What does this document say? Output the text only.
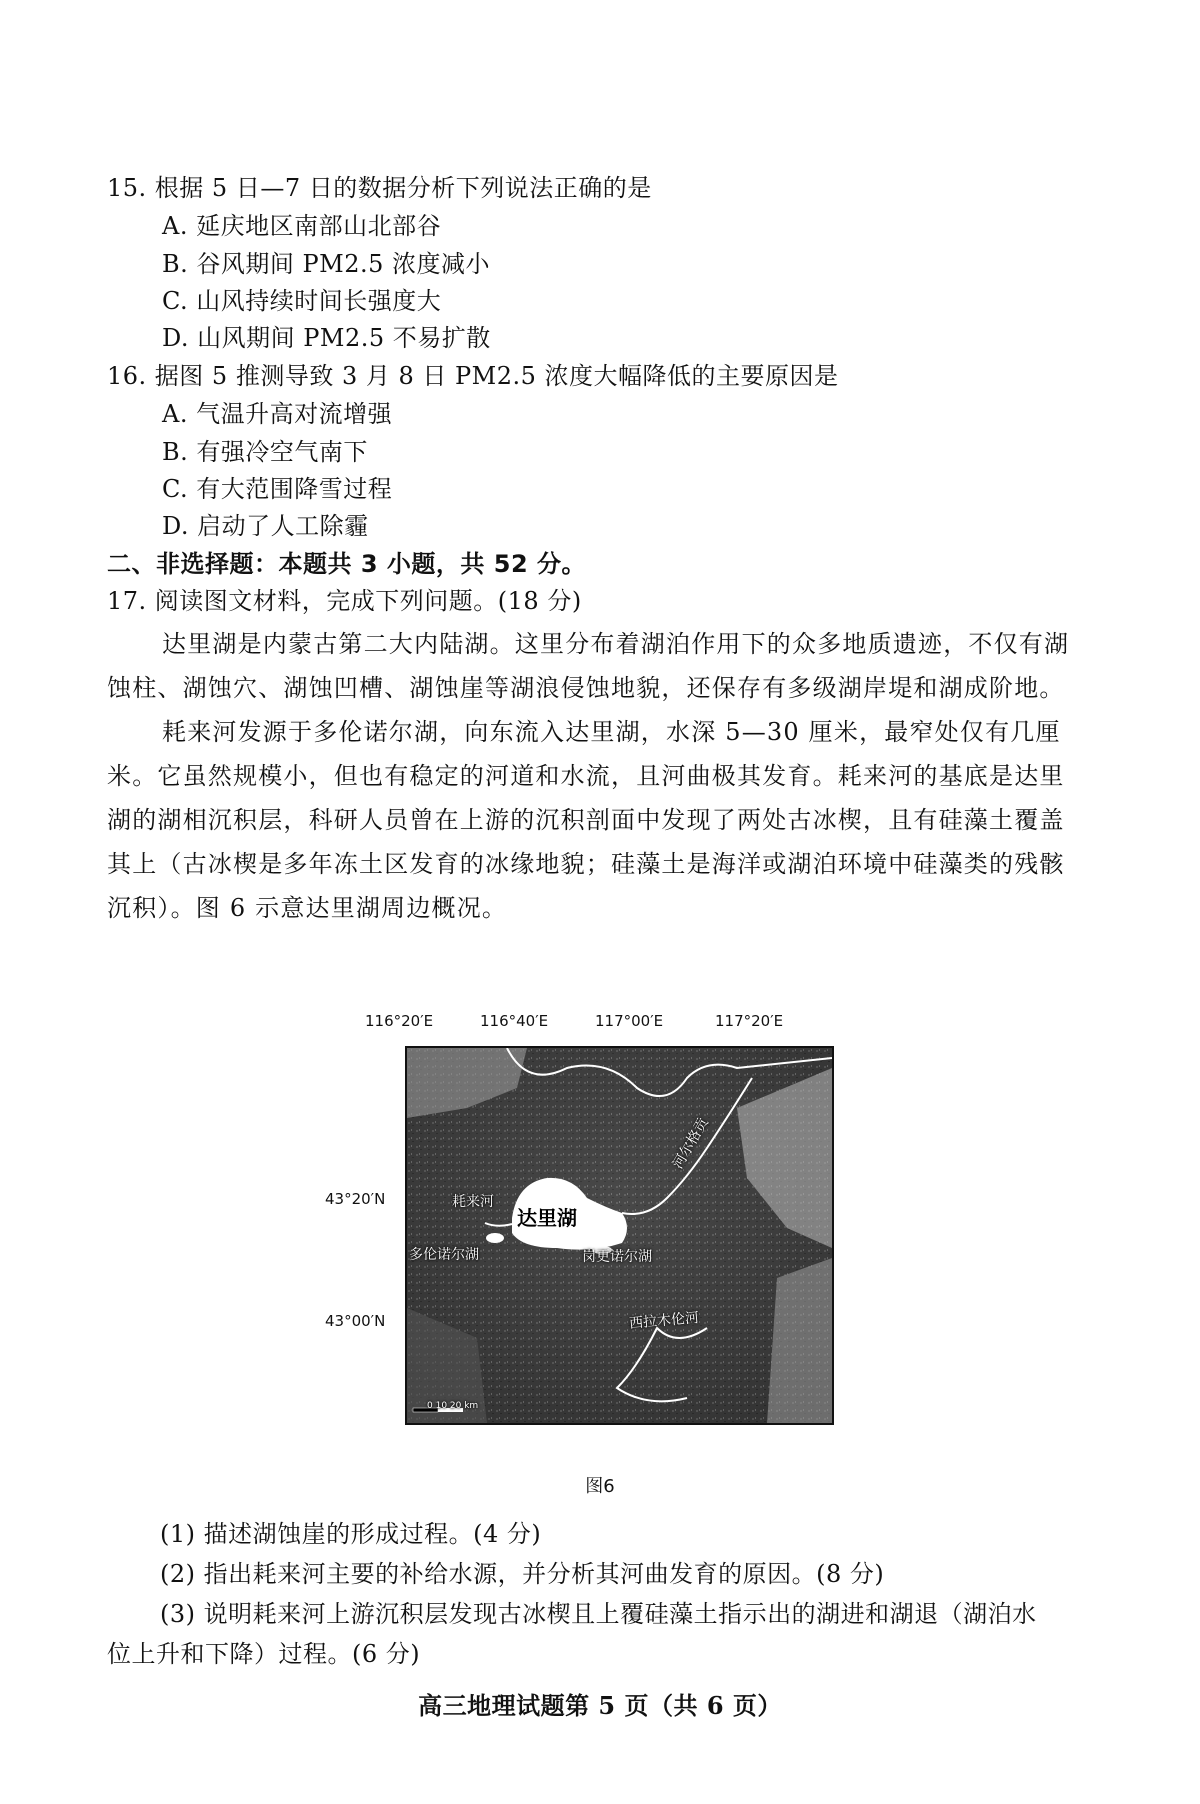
15. 根据 5 日—7 日的数据分析下列说法正确的是
A. 延庆地区南部山北部谷
B. 谷风期间 PM2.5 浓度减小
C. 山风持续时间长强度大
D. 山风期间 PM2.5 不易扩散
16. 据图 5 推测导致 3 月 8 日 PM2.5 浓度大幅降低的主要原因是
A. 气温升高对流增强
B. 有强冷空气南下
C. 有大范围降雪过程
D. 启动了人工除霾
二、非选择题：本题共 3 小题，共 52 分。
17. 阅读图文材料，完成下列问题。(18 分)
达里湖是内蒙古第二大内陆湖。这里分布着湖泊作用下的众多地质遗迹，不仅有湖蚀柱、湖蚀穴、湖蚀凹槽、湖蚀崖等湖浪侵蚀地貌，还保存有多级湖岸堤和湖成阶地。
耗来河发源于多伦诺尔湖，向东流入达里湖，水深 5—30 厘米，最窄处仅有几厘米。它虽然规模小，但也有稳定的河道和水流，且河曲极其发育。耗来河的基底是达里湖的湖相沉积层，科研人员曾在上游的沉积剖面中发现了两处古冰楔，且有硅藻土覆盖其上（古冰楔是多年冻土区发育的冰缘地貌；硅藻土是海洋或湖泊环境中硅藻类的残骸沉积）。图 6 示意达里湖周边概况。
116°20′E	116°40′E	117°00′E	117°20′E
43°20′N
43°00′N
耗来河
达里湖
多伦诺尔湖	岗更诺尔湖
河尔格贡
西拉木伦河
0 10 20 km
图6
(1) 描述湖蚀崖的形成过程。(4 分)
(2) 指出耗来河主要的补给水源，并分析其河曲发育的原因。(8 分)
(3) 说明耗来河上游沉积层发现古冰楔且上覆硅藻土指示出的湖进和湖退（湖泊水
位上升和下降）过程。(6 分)
高三地理试题第 5 页（共 6 页）
